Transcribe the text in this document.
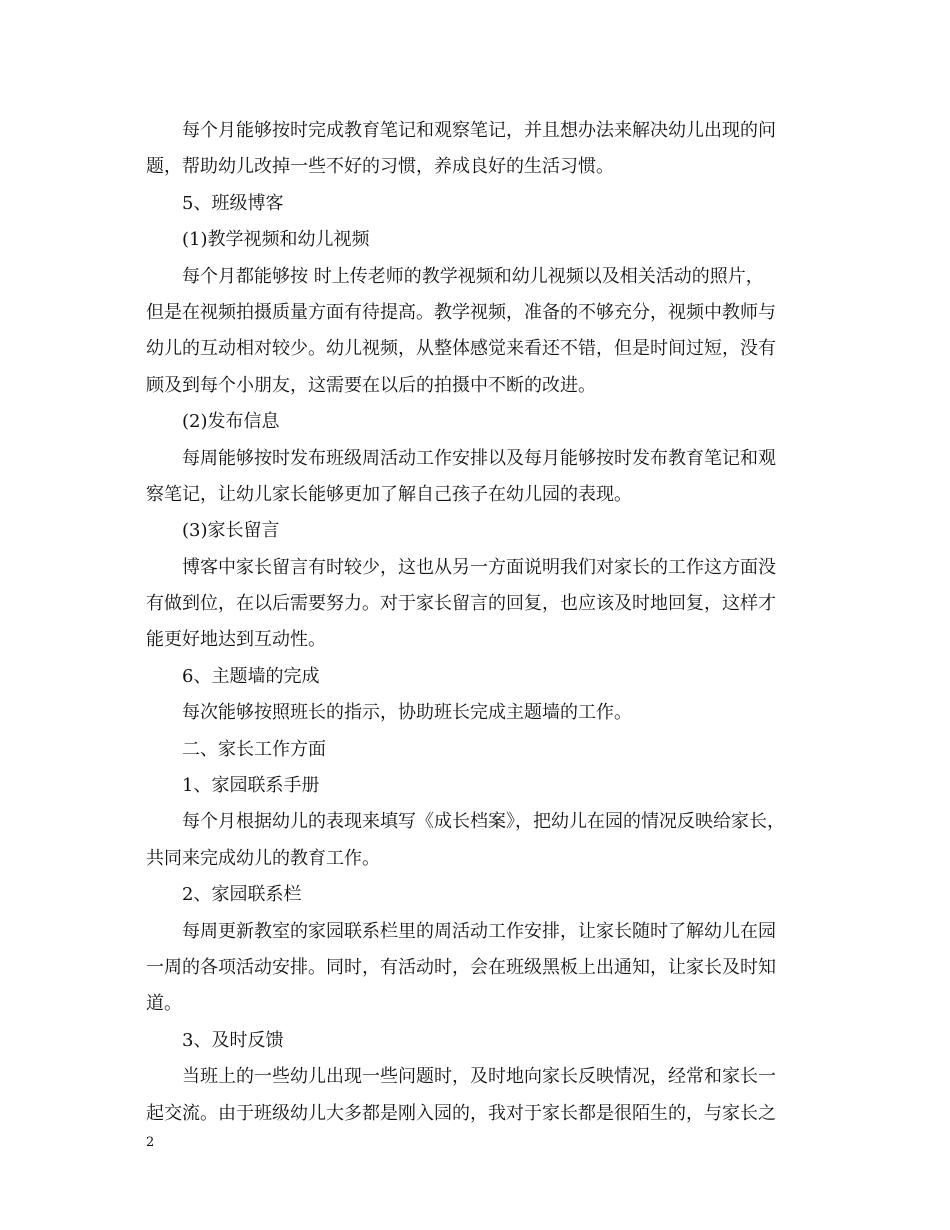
每个月能够按时完成教育笔记和观察笔记，并且想办法来解决幼儿出现的问
题，帮助幼儿改掉一些不好的习惯，养成良好的生活习惯。
5、班级博客
(1)教学视频和幼儿视频
每个月都能够按 时上传老师的教学视频和幼儿视频以及相关活动的照片，
但是在视频拍摄质量方面有待提高。教学视频，准备的不够充分，视频中教师与
幼儿的互动相对较少。幼儿视频，从整体感觉来看还不错，但是时间过短，没有
顾及到每个小朋友，这需要在以后的拍摄中不断的改进。
(2)发布信息
每周能够按时发布班级周活动工作安排以及每月能够按时发布教育笔记和观
察笔记，让幼儿家长能够更加了解自己孩子在幼儿园的表现。
(3)家长留言
博客中家长留言有时较少，这也从另一方面说明我们对家长的工作这方面没
有做到位，在以后需要努力。对于家长留言的回复，也应该及时地回复，这样才
能更好地达到互动性。
6、主题墙的完成
每次能够按照班长的指示，协助班长完成主题墙的工作。
二、家长工作方面
1、家园联系手册
每个月根据幼儿的表现来填写《成长档案》，把幼儿在园的情况反映给家长，
共同来完成幼儿的教育工作。
2、家园联系栏
每周更新教室的家园联系栏里的周活动工作安排，让家长随时了解幼儿在园
一周的各项活动安排。同时，有活动时，会在班级黑板上出通知，让家长及时知
道。
3、及时反馈
当班上的一些幼儿出现一些问题时，及时地向家长反映情况，经常和家长一
起交流。由于班级幼儿大多都是刚入园的，我对于家长都是很陌生的，与家长之
2
